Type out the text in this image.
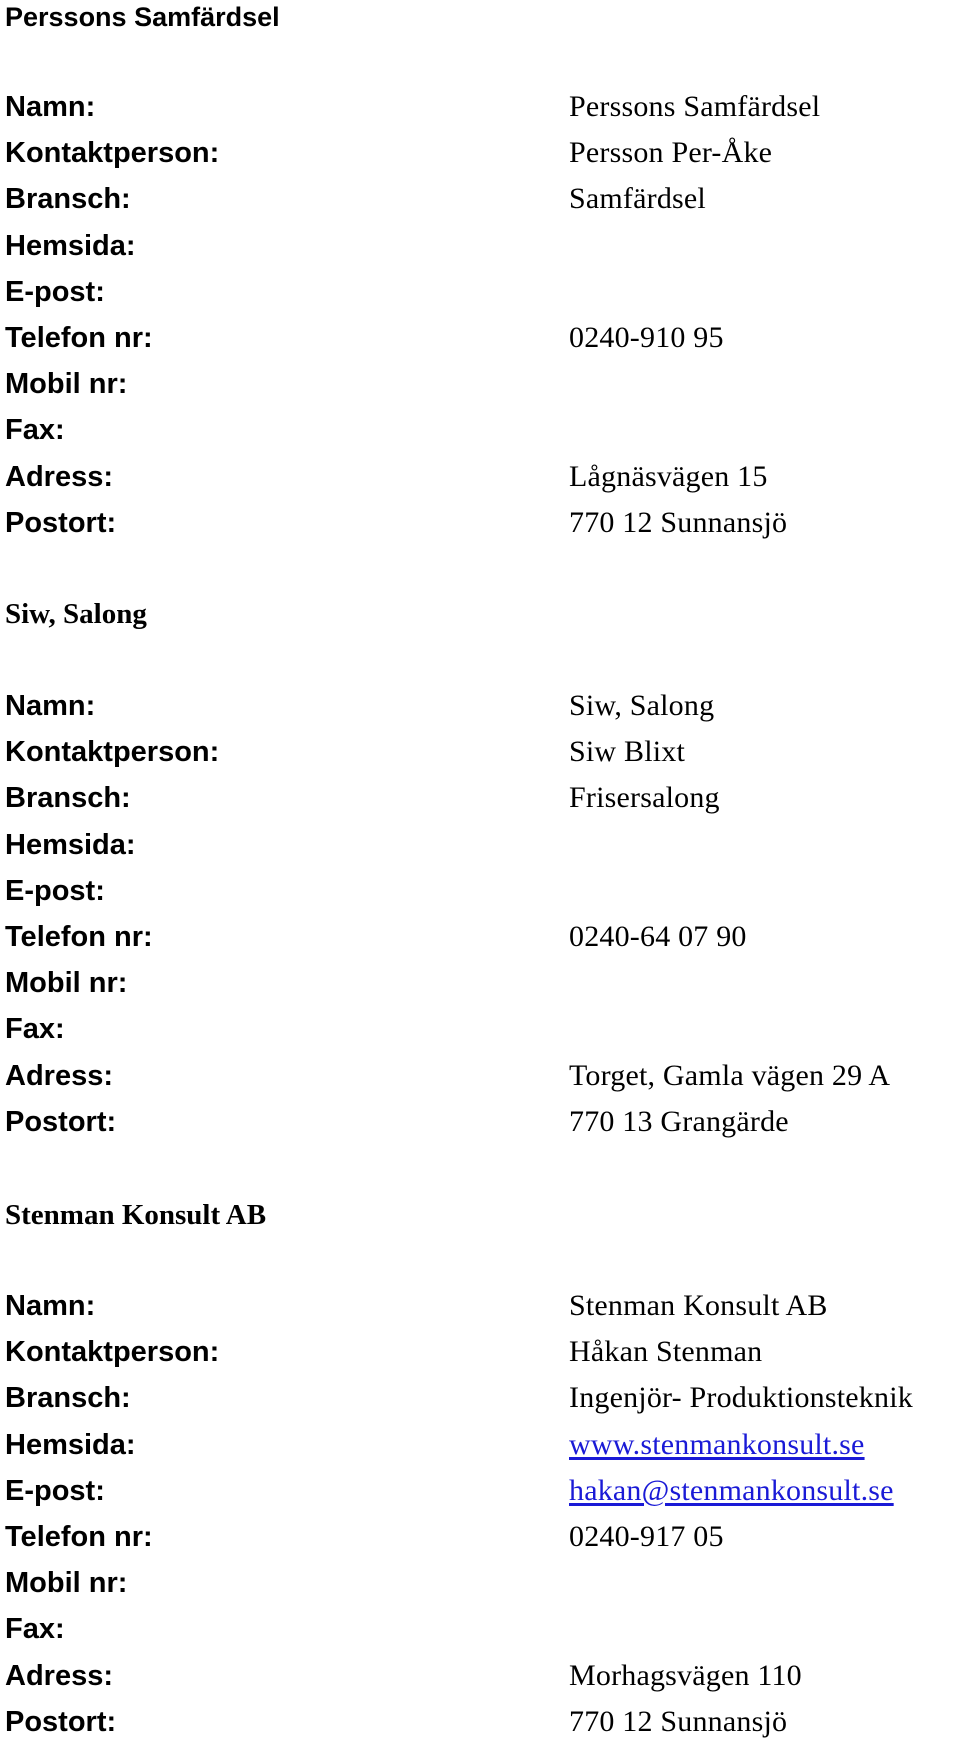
Perssons Samfärdsel
Namn:	Perssons Samfärdsel
Kontaktperson:	Persson Per-Åke
Bransch:	Samfärdsel
Hemsida:
E-post:
Telefon nr:	0240-910 95
Mobil nr:
Fax:
Adress:	Lågnäsvägen 15
Postort:	770 12 Sunnansjö
Siw, Salong
Namn:	Siw, Salong
Kontaktperson:	Siw Blixt
Bransch:	Frisersalong
Hemsida:
E-post:
Telefon nr:	0240-64 07 90
Mobil nr:
Fax:
Adress:	Torget, Gamla vägen 29 A
Postort:	770 13 Grangärde
Stenman Konsult AB
Namn:	Stenman Konsult AB
Kontaktperson:	Håkan Stenman
Bransch:	Ingenjör- Produktionsteknik
Hemsida:	www.stenmankonsult.se
E-post:	hakan@stenmankonsult.se
Telefon nr:	0240-917 05
Mobil nr:
Fax:
Adress:	Morhagsvägen 110
Postort:	770 12 Sunnansjö
